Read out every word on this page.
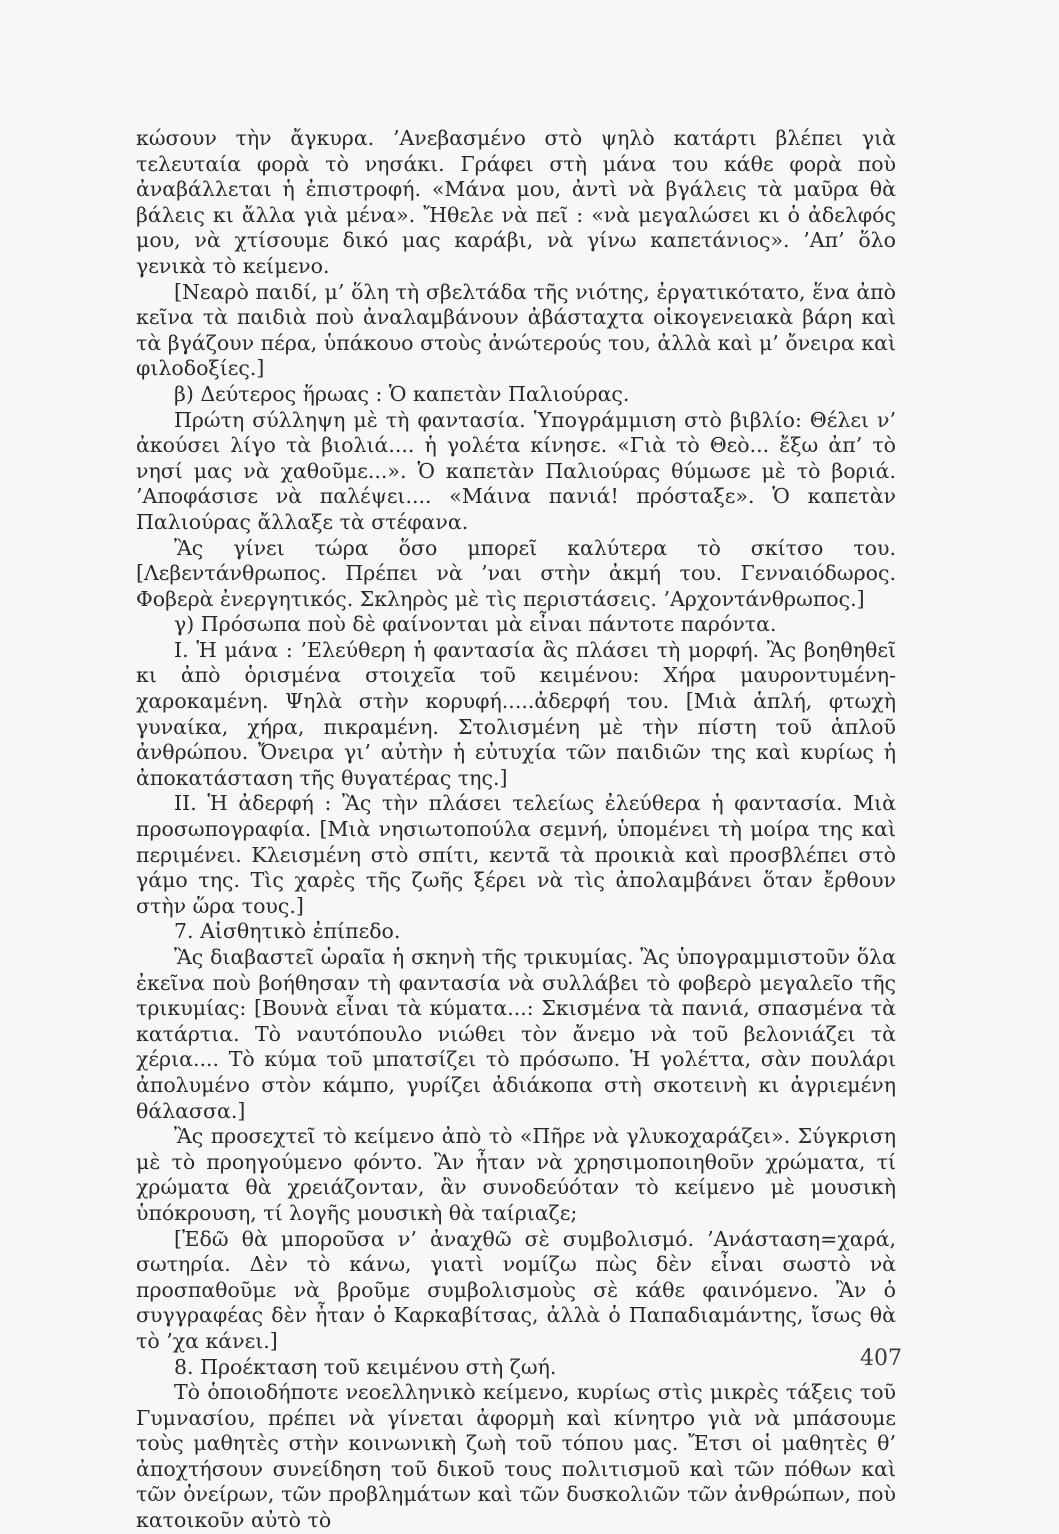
κώσουν τὴν ἄγκυρα. ’Ανεβασμένο στὸ ψηλὸ κατάρτι βλέπει γιὰ τελευταία φορὰ τὸ νησάκι. Γράφει στὴ μάνα του κάθε φορὰ ποὺ ἀναβάλλεται ἡ ἐπιστροφή. «Μάνα μου, ἀντὶ νὰ βγάλεις τὰ μαῦρα θὰ βάλεις κι ἄλλα γιὰ μένα». Ἤθελε νὰ πεῖ : «νὰ μεγαλώσει κι ὁ ἀδελφός μου, νὰ χτίσουμε δικό μας καράβι, νὰ γίνω καπετάνιος». ’Απ’ ὅλο γενικὰ τὸ κείμενο.

[Νεαρὸ παιδί, μ’ ὅλη τὴ σβελτάδα τῆς νιότης, ἐργατικότατο, ἕνα ἀπὸ κεῖνα τὰ παιδιὰ ποὺ ἀναλαμβάνουν ἀβάσταχτα οἰκογενειακὰ βάρη καὶ τὰ βγάζουν πέρα, ὑπάκουο στοὺς ἀνώτερούς του, ἀλλὰ καὶ μ’ ὄνειρα καὶ φιλοδοξίες.]

β) Δεύτερος ἥρωας : Ὁ καπετὰν Παλιούρας.

Πρώτη σύλληψη μὲ τὴ φαντασία. Ὑπογράμμιση στὸ βιβλίο: Θέλει ν’ ἀκούσει λίγο τὰ βιολιά.... ἡ γολέτα κίνησε. «Γιὰ τὸ Θεὸ... ἔξω ἀπ’ τὸ νησί μας νὰ χαθοῦμε...». Ὁ καπετὰν Παλιούρας θύμωσε μὲ τὸ βοριά. ’Αποφάσισε νὰ παλέψει.... «Μάινα πανιά! πρόσταξε». Ὁ καπετὰν Παλιούρας ἄλλαξε τὰ στέφανα.

Ἂς γίνει τώρα ὅσο μπορεῖ καλύτερα τὸ σκίτσο του. [Λεβεντάνθρωπος. Πρέπει νὰ ’ναι στὴν ἀκμή του. Γενναιόδωρος. Φοβερὰ ἐνεργητικός. Σκληρὸς μὲ τὶς περιστάσεις. ’Αρχοντάνθρωπος.]

γ) Πρόσωπα ποὺ δὲ φαίνονται μὰ εἶναι πάντοτε παρόντα.

Ι. Ἡ μάνα : ’Ελεύθερη ἡ φαντασία ἂς πλάσει τὴ μορφή. Ἂς βοηθηθεῖ κι ἀπὸ ὁρισμένα στοιχεῖα τοῦ κειμένου: Χήρα μαυροντυμένη-χαροκαμένη. Ψηλὰ στὴν κορυφή.....ἀδερφή του. [Μιὰ ἁπλή, φτωχὴ γυναίκα, χήρα, πικραμένη. Στολισμένη μὲ τὴν πίστη τοῦ ἁπλοῦ ἀνθρώπου. Ὄνειρα γι’ αὐτὴν ἡ εὐτυχία τῶν παιδιῶν της καὶ κυρίως ἡ ἀποκατάσταση τῆς θυγατέρας της.]

ΙΙ. Ἡ ἀδερφή : Ἂς τὴν πλάσει τελείως ἐλεύθερα ἡ φαντασία. Μιὰ προσωπογραφία. [Μιὰ νησιωτοπούλα σεμνή, ὑπομένει τὴ μοίρα της καὶ περιμένει. Κλεισμένη στὸ σπίτι, κεντᾶ τὰ προικιὰ καὶ προσβλέπει στὸ γάμο της. Τὶς χαρὲς τῆς ζωῆς ξέρει νὰ τὶς ἀπολαμβάνει ὅταν ἔρθουν στὴν ὥρα τους.]

7. Αἰσθητικὸ ἐπίπεδο.

Ἂς διαβαστεῖ ὡραῖα ἡ σκηνὴ τῆς τρικυμίας. Ἂς ὑπογραμμιστοῦν ὅλα ἐκεῖνα ποὺ βοήθησαν τὴ φαντασία νὰ συλλάβει τὸ φοβερὸ μεγαλεῖο τῆς τρικυμίας: [Βουνὰ εἶναι τὰ κύματα...: Σκισμένα τὰ πανιά, σπασμένα τὰ κατάρτια. Τὸ ναυτόπουλο νιώθει τὸν ἄνεμο νὰ τοῦ βελονιάζει τὰ χέρια.... Τὸ κύμα τοῦ μπατσίζει τὸ πρόσωπο. Ἡ γολέττα, σὰν πουλάρι ἀπολυμένο στὸν κάμπο, γυρίζει ἀδιάκοπα στὴ σκοτεινὴ κι ἀγριεμένη θάλασσα.]

Ἂς προσεχτεῖ τὸ κείμενο ἀπὸ τὸ «Πῆρε νὰ γλυκοχαράζει». Σύγκριση μὲ τὸ προηγούμενο φόντο. Ἂν ἦταν νὰ χρησιμοποιηθοῦν χρώματα, τί χρώματα θὰ χρειάζονταν, ἂν συνοδεύόταν τὸ κείμενο μὲ μουσικὴ ὑπόκρουση, τί λογῆς μουσικὴ θὰ ταίριαζε;

[Ἐδῶ θὰ μποροῦσα ν’ ἀναχθῶ σὲ συμβολισμό. ’Ανάσταση=χαρά, σωτηρία. Δὲν τὸ κάνω, γιατὶ νομίζω πὼς δὲν εἶναι σωστὸ νὰ προσπαθοῦμε νὰ βροῦμε συμβολισμοὺς σὲ κάθε φαινόμενο. Ἂν ὁ συγγραφέας δὲν ἦταν ὁ Καρκαβίτσας, ἀλλὰ ὁ Παπαδιαμάντης, ἴσως θὰ τὸ ’χα κάνει.]

8. Προέκταση τοῦ κειμένου στὴ ζωή.

Τὸ ὁποιοδήποτε νεοελληνικὸ κείμενο, κυρίως στὶς μικρὲς τάξεις τοῦ Γυμνασίου, πρέπει νὰ γίνεται ἀφορμὴ καὶ κίνητρο γιὰ νὰ μπάσουμε τοὺς μαθητὲς στὴν κοινωνικὴ ζωὴ τοῦ τόπου μας. Ἔτσι οἱ μαθητὲς θ’ ἀποχτήσουν συνείδηση τοῦ δικοῦ τους πολιτισμοῦ καὶ τῶν πόθων καὶ τῶν ὀνείρων, τῶν προβλημάτων καὶ τῶν δυσκολιῶν τῶν ἀνθρώπων, ποὺ κατοικοῦν αὐτὸ τὸ

407
